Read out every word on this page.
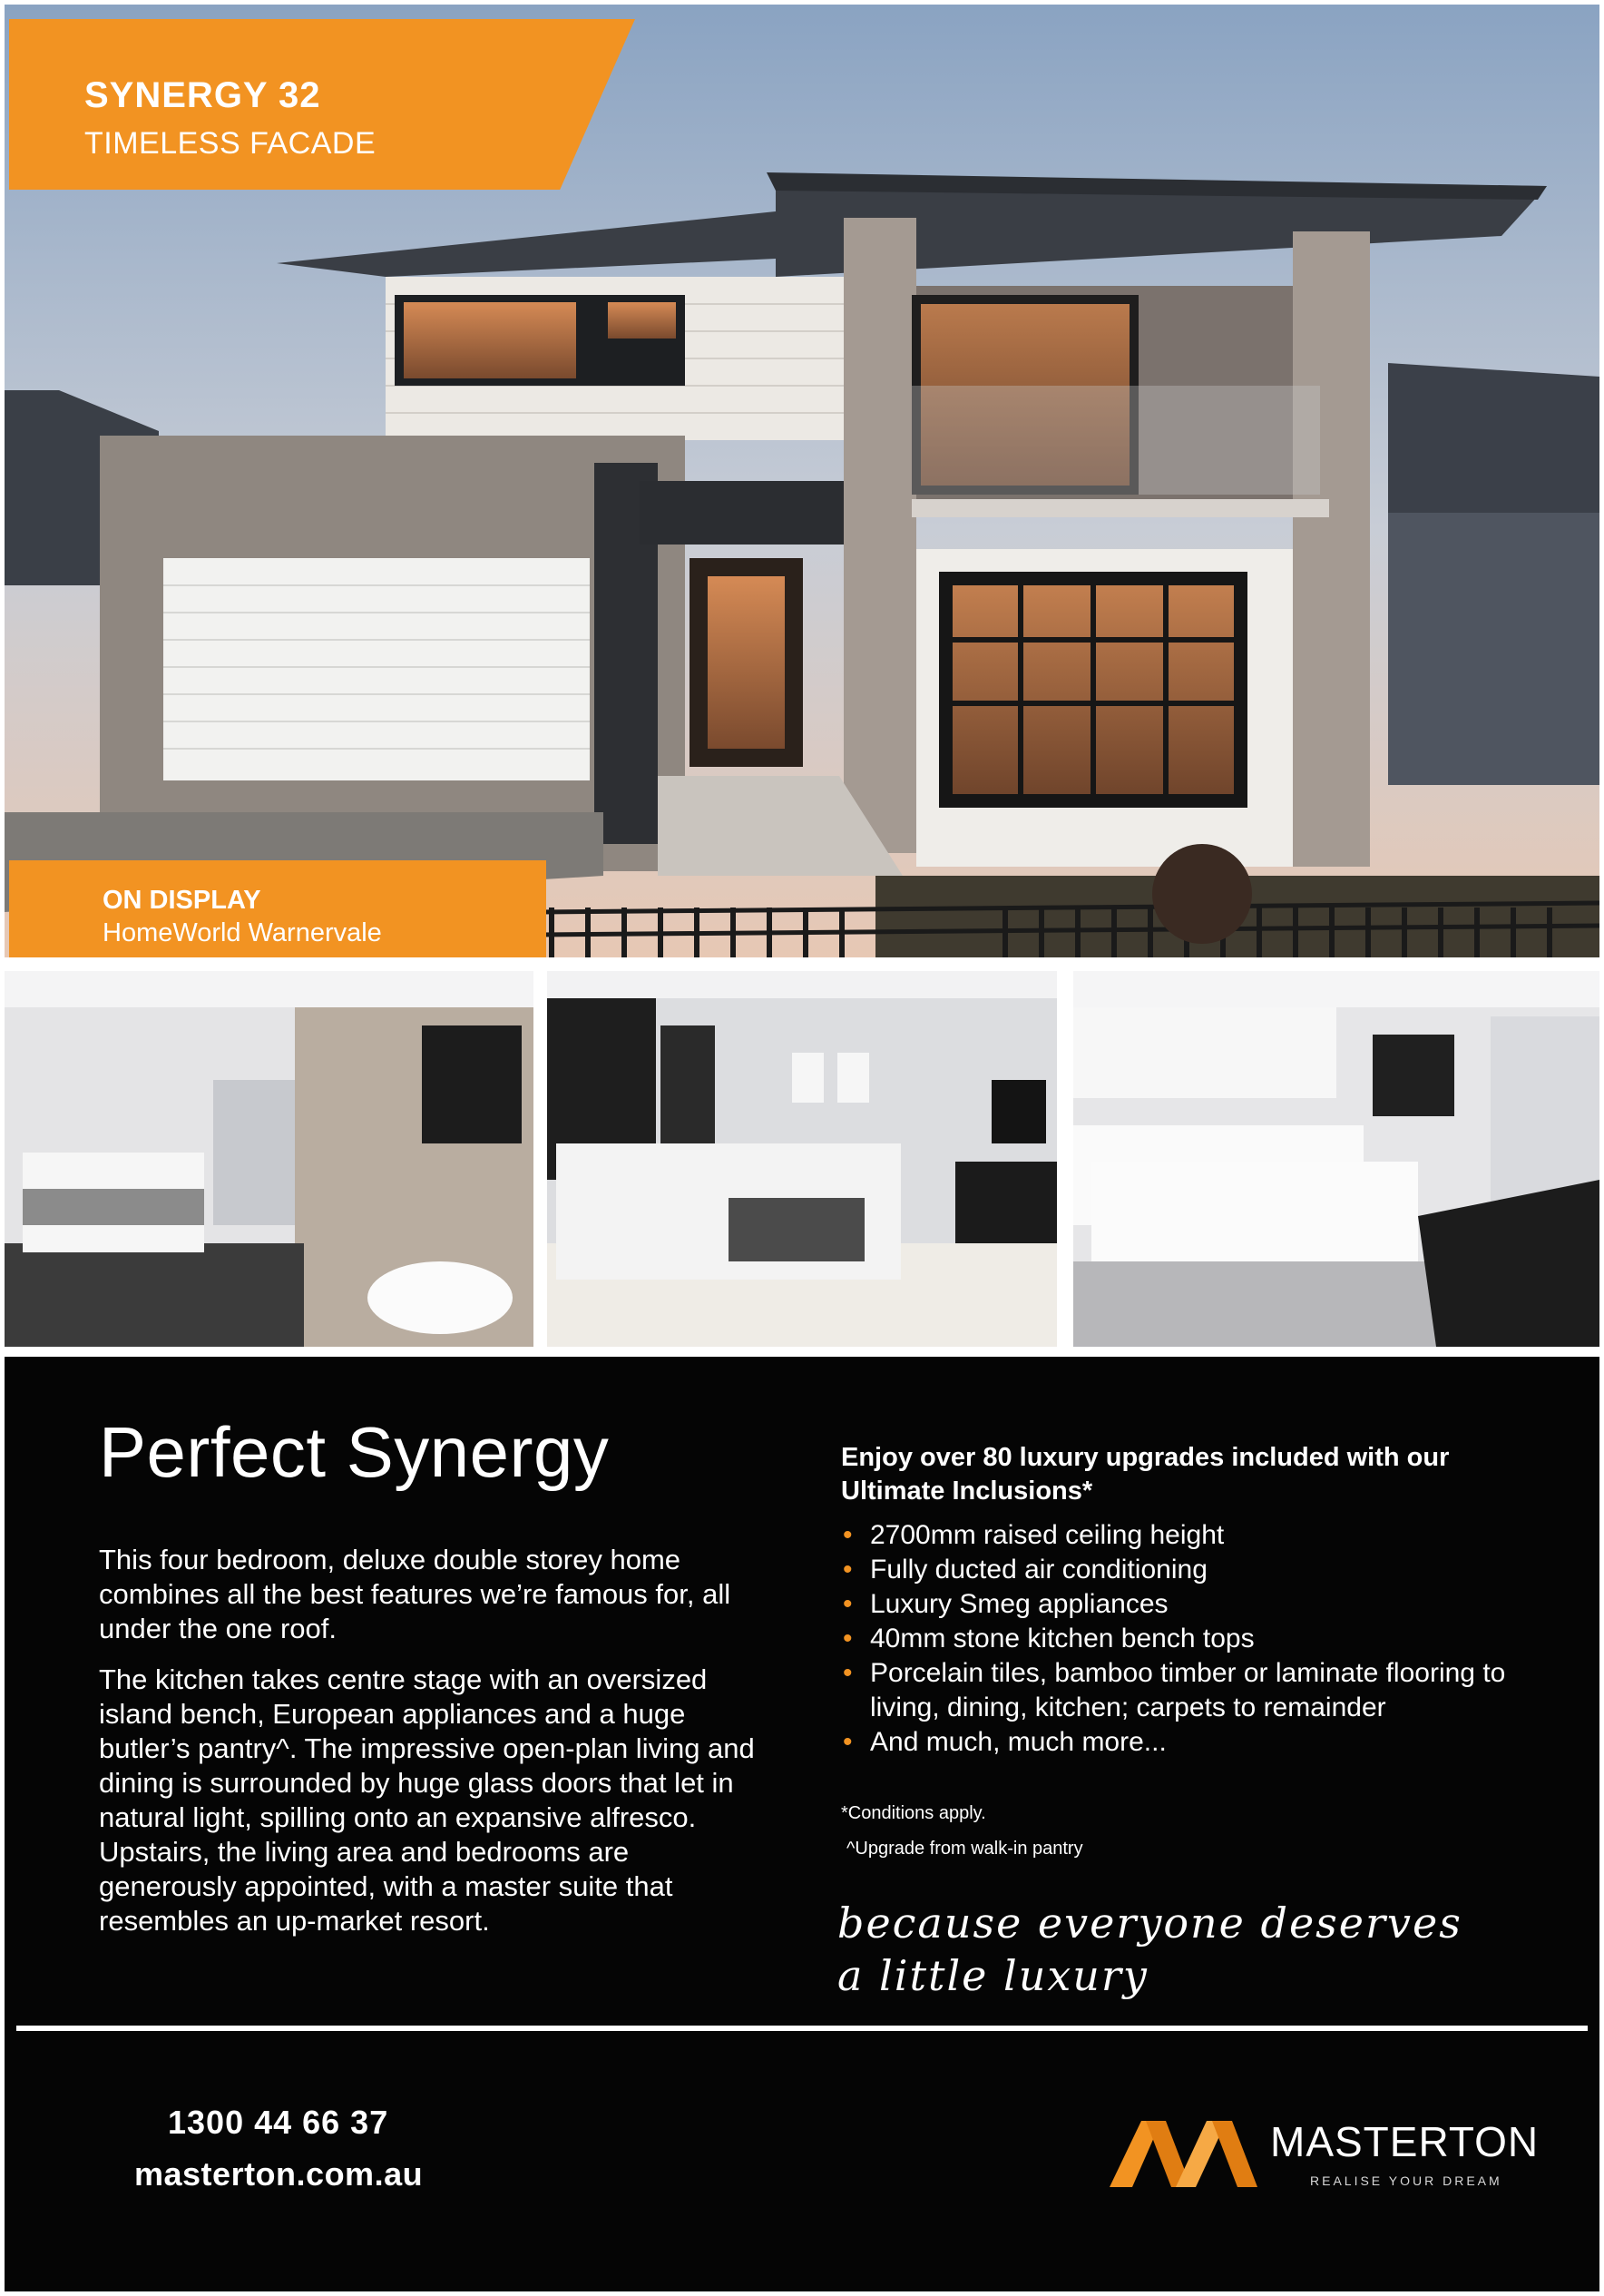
SYNERGY 32
TIMELESS FACADE
ON DISPLAY
HomeWorld Warnervale
Perfect Synergy

This four bedroom, deluxe double storey home combines all the best features we’re famous for, all under the one roof.

The kitchen takes centre stage with an oversized island bench, European appliances and a huge butler’s pantry^. The impressive open-plan living and dining is surrounded by huge glass doors that let in natural light, spilling onto an expansive alfresco. Upstairs, the living area and bedrooms are generously appointed, with a master suite that resembles an up-market resort.

Enjoy over 80 luxury upgrades included with our Ultimate Inclusions*
• 2700mm raised ceiling height
• Fully ducted air conditioning
• Luxury Smeg appliances
• 40mm stone kitchen bench tops
• Porcelain tiles, bamboo timber or laminate flooring to living, dining, kitchen; carpets to remainder
• And much, much more...
*Conditions apply.
^Upgrade from walk-in pantry
because everyone deserves a little luxury
1300 44 66 37
masterton.com.au
MASTERTON
REALISE YOUR DREAM
